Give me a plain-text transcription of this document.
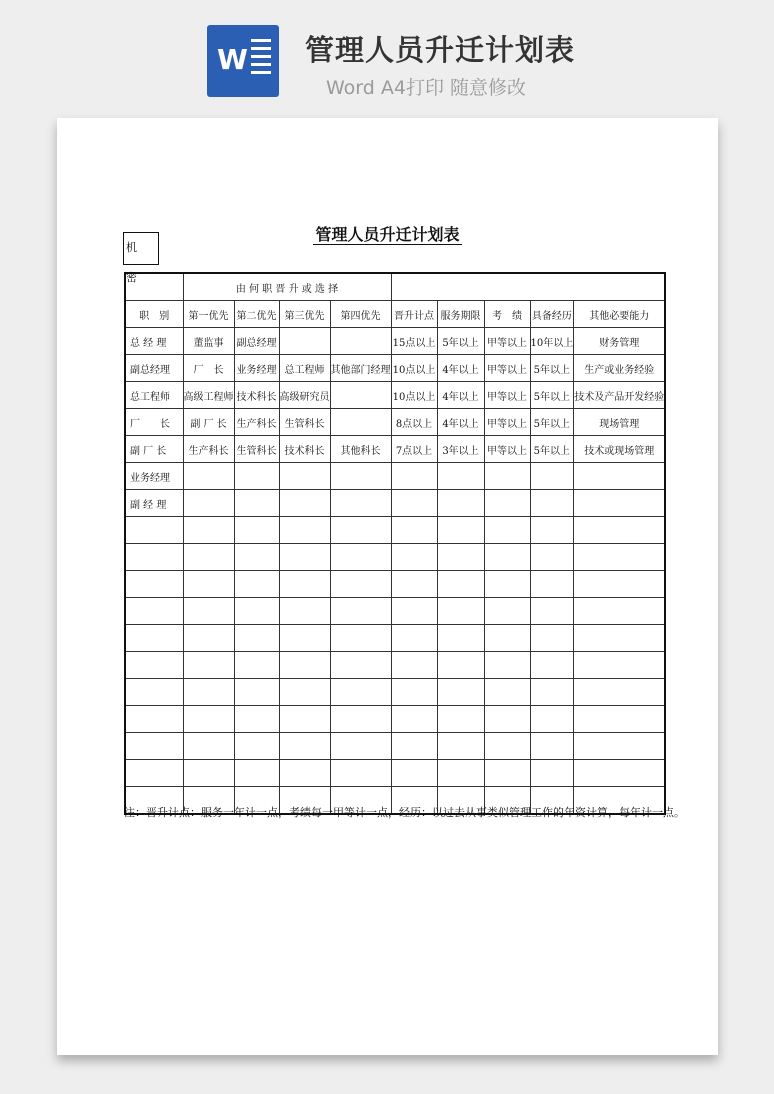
W 管理人员升迁计划表
Word A4打印 随意修改
管理人员升迁计划表
机 密
	由 何 职 晋 升 或 选 择								
职　别	第一优先	第二优先	第三优先	第四优先	晋升计点	服务期限	考　绩	具备经历	其他必要能力
总 经 理	董监事	副总经理			15点以上	5年以上	甲等以上	10年以上	财务管理
副总经理	厂　长	业务经理	总工程师	其他部门经理	10点以上	4年以上	甲等以上	5年以上	生产或业务经验
总工程师	高级工程师	技术科长	高级研究员		10点以上	4年以上	甲等以上	5年以上	技术及产品开发经验
厂　　长	副 厂 长	生产科长	生管科长		8点以上	4年以上	甲等以上	5年以上	现场管理
副 厂 长	生产科长	生管科长	技术科长	其他科长	7点以上	3年以上	甲等以上	5年以上	技术或现场管理
业务经理									
副 经 理									

注：晋升计点：服务一年计一点，考绩每一甲等计一点，经历：以过去从事类似管理工作的年资计算，每年计一点。
